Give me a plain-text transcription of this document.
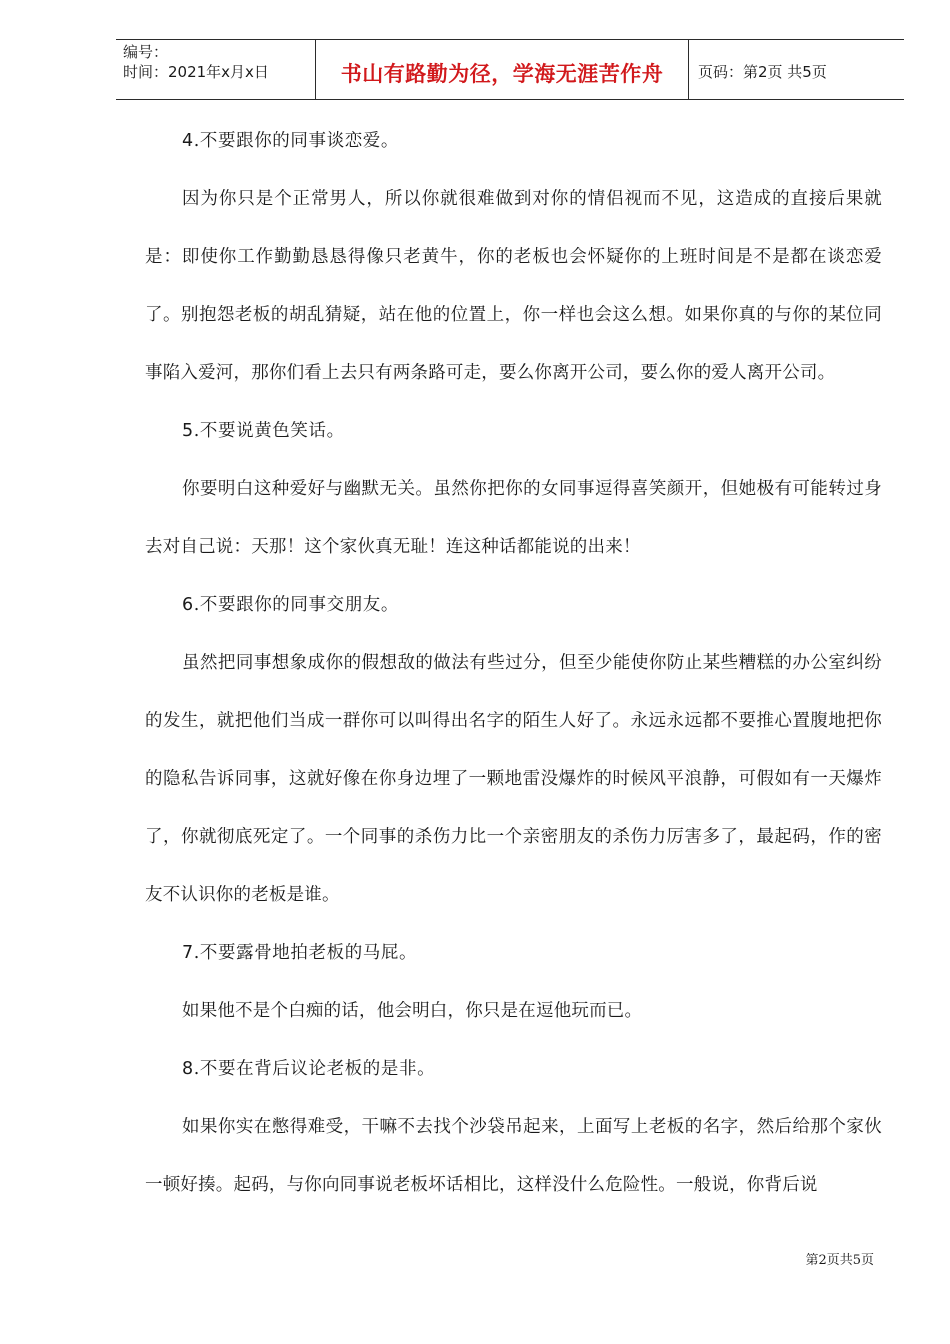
编号：
时间：2021年x月x日	书山有路勤为径，学海无涯苦作舟 页码：第2页 共5页

4.不要跟你的同事谈恋爱。

因为你只是个正常男人，所以你就很难做到对你的情侣视而不见，这造成的直接后果就是：即使你工作勤勤恳恳得像只老黄牛，你的老板也会怀疑你的上班时间是不是都在谈恋爱了。别抱怨老板的胡乱猜疑，站在他的位置上，你一样也会这么想。如果你真的与你的某位同事陷入爱河，那你们看上去只有两条路可走，要么你离开公司，要么你的爱人离开公司。

5.不要说黄色笑话。

你要明白这种爱好与幽默无关。虽然你把你的女同事逗得喜笑颜开，但她极有可能转过身去对自己说：天那！这个家伙真无耻！连这种话都能说的出来！

6.不要跟你的同事交朋友。

虽然把同事想象成你的假想敌的做法有些过分，但至少能使你防止某些糟糕的办公室纠纷的发生，就把他们当成一群你可以叫得出名字的陌生人好了。永远永远都不要推心置腹地把你的隐私告诉同事，这就好像在你身边埋了一颗地雷没爆炸的时候风平浪静，可假如有一天爆炸了，你就彻底死定了。一个同事的杀伤力比一个亲密朋友的杀伤力厉害多了，最起码，作的密友不认识你的老板是谁。

7.不要露骨地拍老板的马屁。

如果他不是个白痴的话，他会明白，你只是在逗他玩而已。

8.不要在背后议论老板的是非。

如果你实在憋得难受，干嘛不去找个沙袋吊起来，上面写上老板的名字，然后给那个家伙一顿好揍。起码，与你向同事说老板坏话相比，这样没什么危险性。一般说，你背后说

第2页共5页
